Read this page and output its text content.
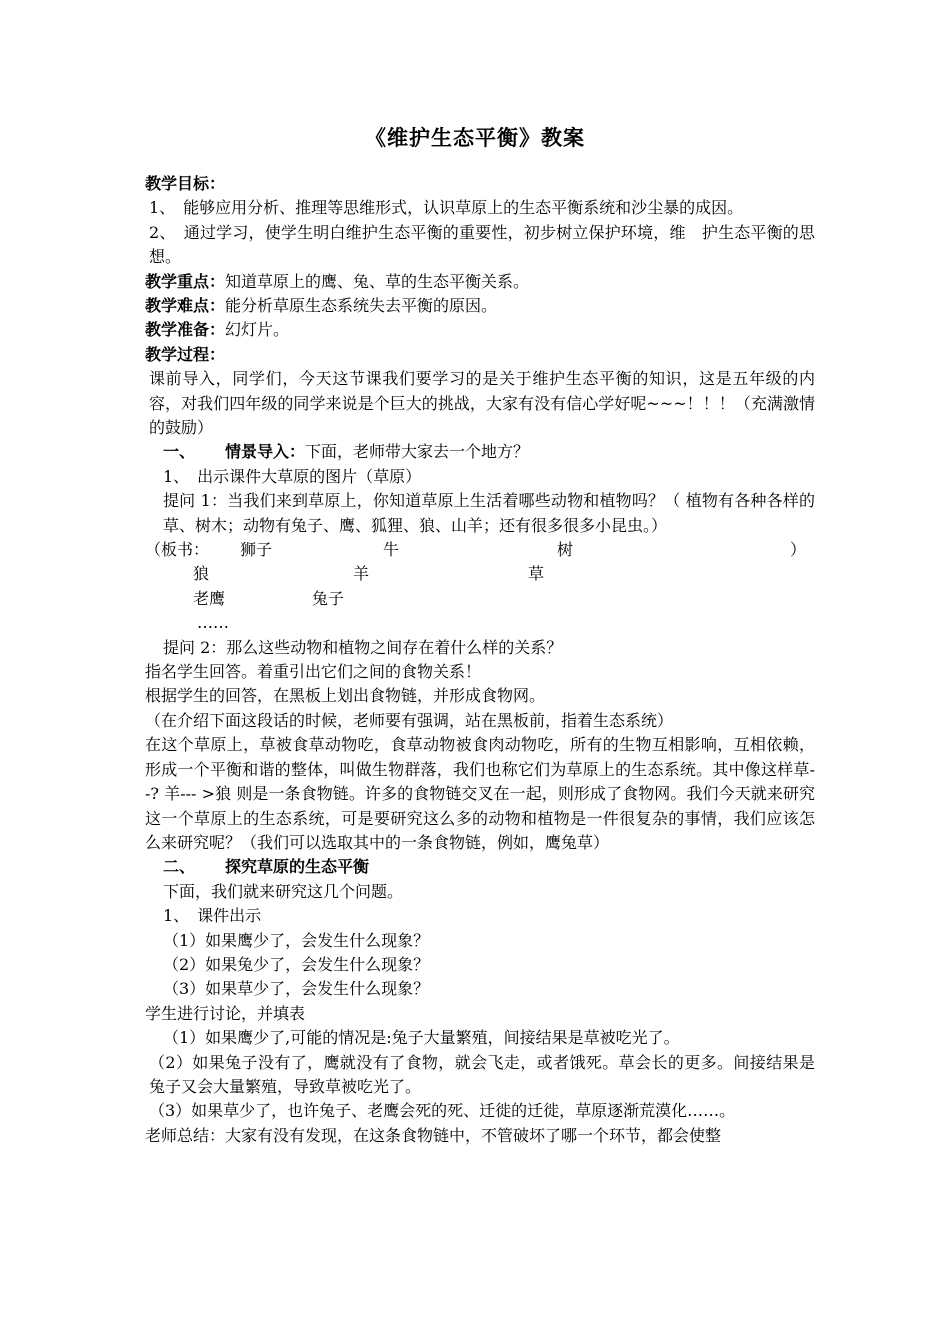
《维护生态平衡》教案

教学目标：

1、　能够应用分析、推理等思维形式，认识草原上的生态平衡系统和沙尘暴的成因。

2、　通过学习，使学生明白维护生态平衡的重要性，初步树立保护环境，维　护生态平衡的思想。

教学重点：知道草原上的鹰、兔、草的生态平衡关系。

教学难点：能分析草原生态系统失去平衡的原因。

教学准备：幻灯片。

教学过程：

课前导入，同学们，今天这节课我们要学习的是关于维护生态平衡的知识，这是五年级的内容，对我们四年级的同学来说是个巨大的挑战，大家有没有信心学好呢~~~！！！（充满激情的鼓励）

一、 情景导入：下面，老师带大家去一个地方？

1、　出示课件大草原的图片（草原）

提问 1：当我们来到草原上，你知道草原上生活着哪些动物和植物吗？（ 植物有各种各样的草、树木；动物有兔子、鹰、狐狸、狼、山羊；还有很多很多小昆虫。）

（板书： 狮子	牛	树	）
狼	羊	草
老鹰	兔子
……

提问 2：那么这些动物和植物之间存在着什么样的关系？

指名学生回答。着重引出它们之间的食物关系！

根据学生的回答，在黑板上划出食物链，并形成食物网。

（在介绍下面这段话的时候，老师要有强调，站在黑板前，指着生态系统）

在这个草原上，草被食草动物吃，食草动物被食肉动物吃，所有的生物互相影响，互相依赖，形成一个平衡和谐的整体，叫做生物群落，我们也称它们为草原上的生态系统。其中像这样草--? 羊--- >狼 则是一条食物链。许多的食物链交叉在一起，则形成了食物网。我们今天就来研究这一个草原上的生态系统，可是要研究这么多的动物和植物是一件很复杂的事情，我们应该怎么来研究呢？（我们可以选取其中的一条食物链，例如，鹰兔草）

二、 探究草原的生态平衡

下面，我们就来研究这几个问题。

1、　课件出示

（1）如果鹰少了，会发生什么现象？

（2）如果兔少了，会发生什么现象？

（3）如果草少了，会发生什么现象？

学生进行讨论，并填表

（1）如果鹰少了,可能的情况是:兔子大量繁殖，间接结果是草被吃光了。

（2）如果兔子没有了，鹰就没有了食物，就会飞走，或者饿死。草会长的更多。间接结果是兔子又会大量繁殖，导致草被吃光了。

（3）如果草少了，也许兔子、老鹰会死的死、迁徙的迁徙，草原逐渐荒漠化……。

老师总结：大家有没有发现，在这条食物链中，不管破坏了哪一个环节，都会使整
